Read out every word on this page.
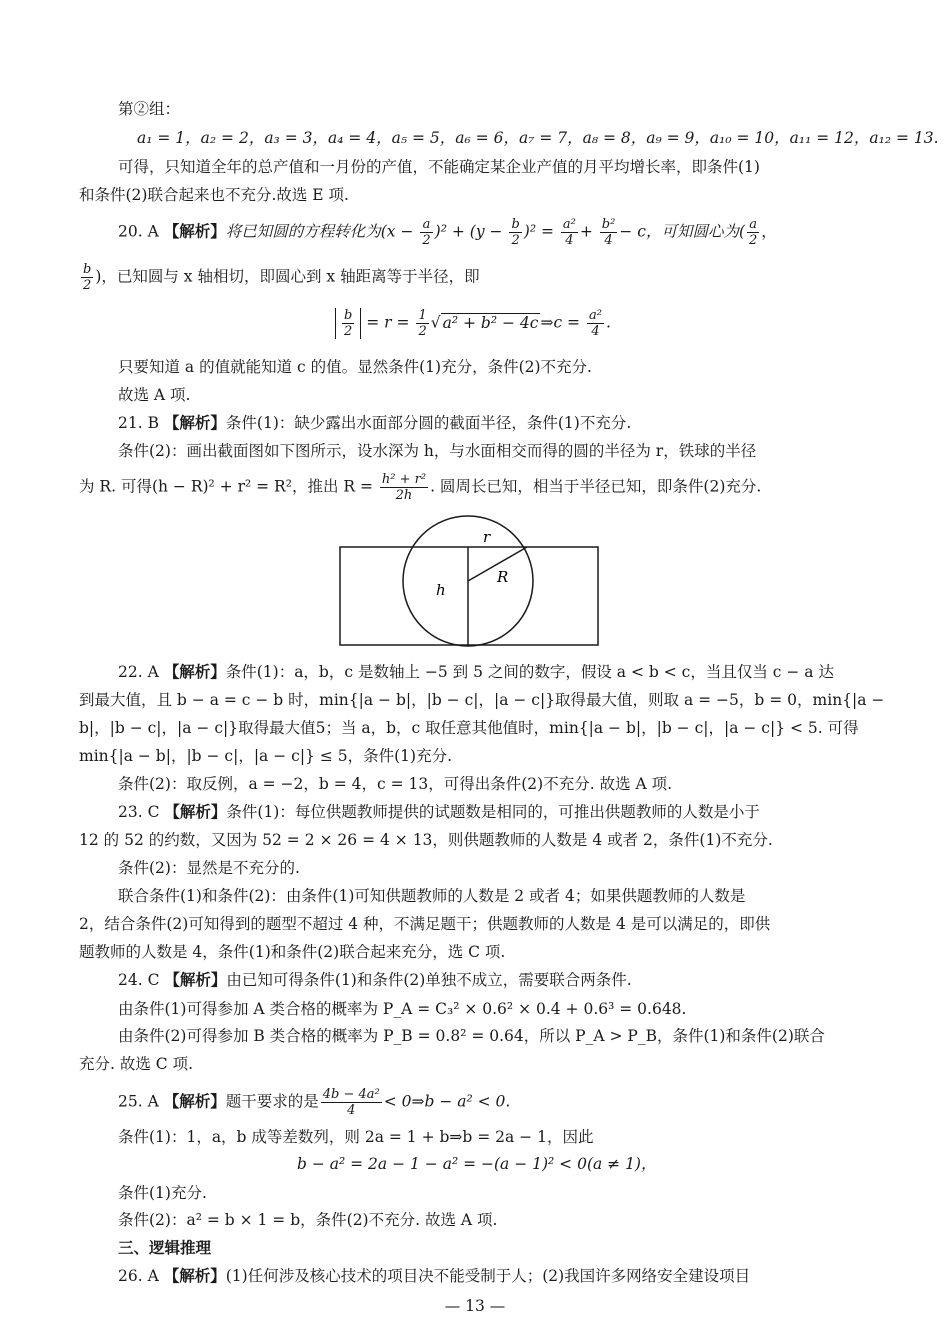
第②组：
a₁ = 1，a₂ = 2，a₃ = 3，a₄ = 4，a₅ = 5，a₆ = 6，a₇ = 7，a₈ = 8，a₉ = 9，a₁₀ = 10，a₁₁ = 12，a₁₂ = 13.
可得，只知道全年的总产值和一月份的产值，不能确定某企业产值的月平均增长率，即条件(1)
和条件(2)联合起来也不充分.故选 E 项.
20. A 【解析】将已知圆的方程转化为$(x - \frac{a}{2} )^2 + (y - \frac{b}{2} )^2 = \frac{\text{a²}}{4} + \frac{\text{b²}}{4} - c$，可知圆心为( $\frac{a}{2}$ ，
$\frac{b}{2}$ )，已知圆与 x 轴相切，即圆心到 x 轴距离等于半径，即
$\frac{b}{2} = r = \frac{1}{2}$ √ a² + b² − 4c ⇒c = $\frac{\text{a²}}{4}$ .
只要知道 a 的值就能知道 c 的值。显然条件(1)充分，条件(2)不充分.
故选 A 项.
21. B 【解析】条件(1)：缺少露出水面部分圆的截面半径，条件(1)不充分.
条件(2)：画出截面图如下图所示，设水深为 h，与水面相交而得的圆的半径为 r，铁球的半径
为 R. 可得(h − R)² + r² = R²，推出 $R = \frac{\text{h² + r²}}{2h}$ . 圆周长已知，相当于半径已知，即条件(2)充分.
r
R
h
22. A 【解析】条件(1)：a，b，c 是数轴上 −5 到 5 之间的数字，假设 a < b < c，当且仅当 c − a 达
到最大值，且 b − a = c − b 时，min{|a − b|，|b − c|，|a − c|}取得最大值，则取 a = −5，b = 0，min{|a −
b|，|b − c|，|a − c|}取得最大值5；当 a，b，c 取任意其他值时，min{|a − b|，|b − c|，|a − c|} < 5. 可得
min{|a − b|，|b − c|，|a − c|} ≤ 5，条件(1)充分.
条件(2)：取反例，a = −2，b = 4，c = 13，可得出条件(2)不充分. 故选 A 项.
23. C 【解析】条件(1)：每位供题教师提供的试题数是相同的，可推出供题教师的人数是小于
12 的 52 的约数，又因为 52 = 2 × 26 = 4 × 13，则供题教师的人数是 4 或者 2，条件(1)不充分.
条件(2)：显然是不充分的.
联合条件(1)和条件(2)：由条件(1)可知供题教师的人数是 2 或者 4；如果供题教师的人数是
2，结合条件(2)可知得到的题型不超过 4 种，不满足题干；供题教师的人数是 4 是可以满足的，即供
题教师的人数是 4，条件(1)和条件(2)联合起来充分，选 C 项.
24. C 【解析】由已知可得条件(1)和条件(2)单独不成立，需要联合两条件.
由条件(1)可得参加 A 类合格的概率为 P_A = C₃² × 0.6² × 0.4 + 0.6³ = 0.648.
由条件(2)可得参加 B 类合格的概率为 P_B = 0.8² = 0.64，所以 P_A > P_B，条件(1)和条件(2)联合
充分. 故选 C 项.
25. A 【解析】题干要求的是 $\frac{\text{4b − 4a²}}{4}$ < 0⇒b − a² < 0.
条件(1)：1，a，b 成等差数列，则 2a = 1 + b⇒b = 2a − 1，因此
b − a² = 2a − 1 − a² = −(a − 1)² < 0(a ≠ 1)，
条件(1)充分.
条件(2)：a² = b × 1 = b，条件(2)不充分. 故选 A 项.
三、逻辑推理
26. A 【解析】(1)任何涉及核心技术的项目决不能受制于人；(2)我国许多网络安全建设项目
— 13 —
